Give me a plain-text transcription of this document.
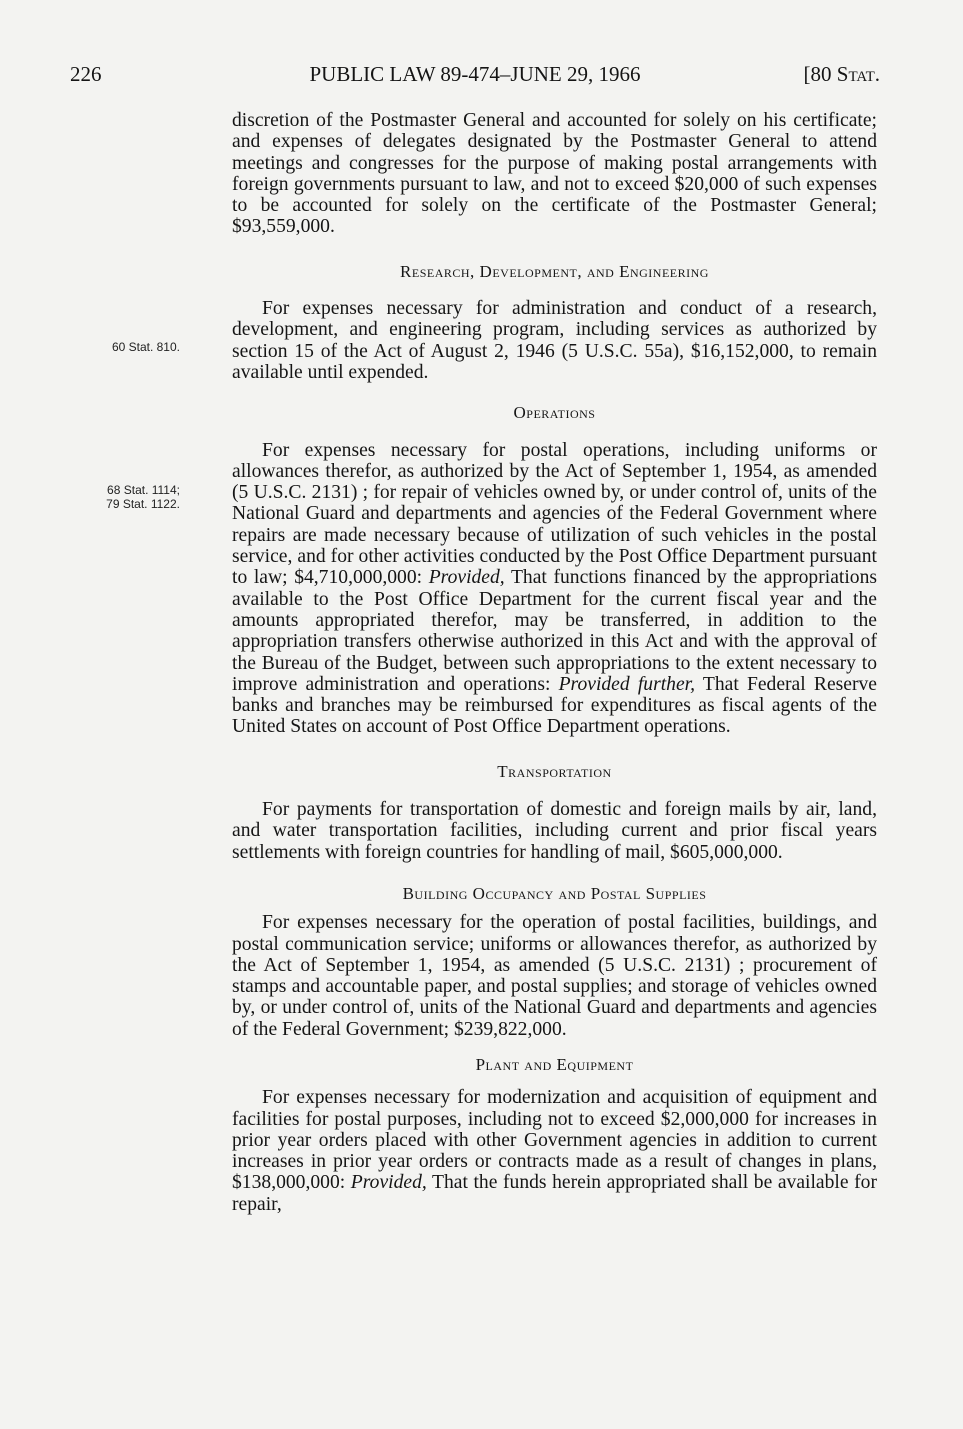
226	PUBLIC LAW 89-474–JUNE 29, 1966	[80 Stat.
60 Stat. 810.
68 Stat. 1114;
79 Stat. 1122.

discretion of the Postmaster General and accounted for solely on his certificate; and expenses of delegates designated by the Postmaster General to attend meetings and congresses for the purpose of making postal arrangements with foreign governments pursuant to law, and not to exceed $20,000 of such expenses to be accounted for solely on the certificate of the Postmaster General; $93,559,000.

Research, Development, and Engineering

For expenses necessary for administration and conduct of a research, development, and engineering program, including services as authorized by section 15 of the Act of August 2, 1946 (5 U.S.C. 55a), $16,152,000, to remain available until expended.

Operations

For expenses necessary for postal operations, including uniforms or allowances therefor, as authorized by the Act of September 1, 1954, as amended (5 U.S.C. 2131) ; for repair of vehicles owned by, or under control of, units of the National Guard and departments and agencies of the Federal Government where repairs are made necessary because of utilization of such vehicles in the postal service, and for other activities conducted by the Post Office Department pursuant to law; $4,710,000,000: Provided, That functions financed by the appropriations available to the Post Office Department for the current fiscal year and the amounts appropriated therefor, may be transferred, in addition to the appropriation transfers otherwise authorized in this Act and with the approval of the Bureau of the Budget, between such appropriations to the extent necessary to improve administration and operations: Provided further, That Federal Reserve banks and branches may be reimbursed for expenditures as fiscal agents of the United States on account of Post Office Department operations.

Transportation

For payments for transportation of domestic and foreign mails by air, land, and water transportation facilities, including current and prior fiscal years settlements with foreign countries for handling of mail, $605,000,000.

Building Occupancy and Postal Supplies

For expenses necessary for the operation of postal facilities, buildings, and postal communication service; uniforms or allowances therefor, as authorized by the Act of September 1, 1954, as amended (5 U.S.C. 2131) ; procurement of stamps and accountable paper, and postal supplies; and storage of vehicles owned by, or under control of, units of the National Guard and departments and agencies of the Federal Government; $239,822,000.

Plant and Equipment

For expenses necessary for modernization and acquisition of equipment and facilities for postal purposes, including not to exceed $2,000,000 for increases in prior year orders placed with other Government agencies in addition to current increases in prior year orders or contracts made as a result of changes in plans, $138,000,000: Provided, That the funds herein appropriated shall be available for repair,
